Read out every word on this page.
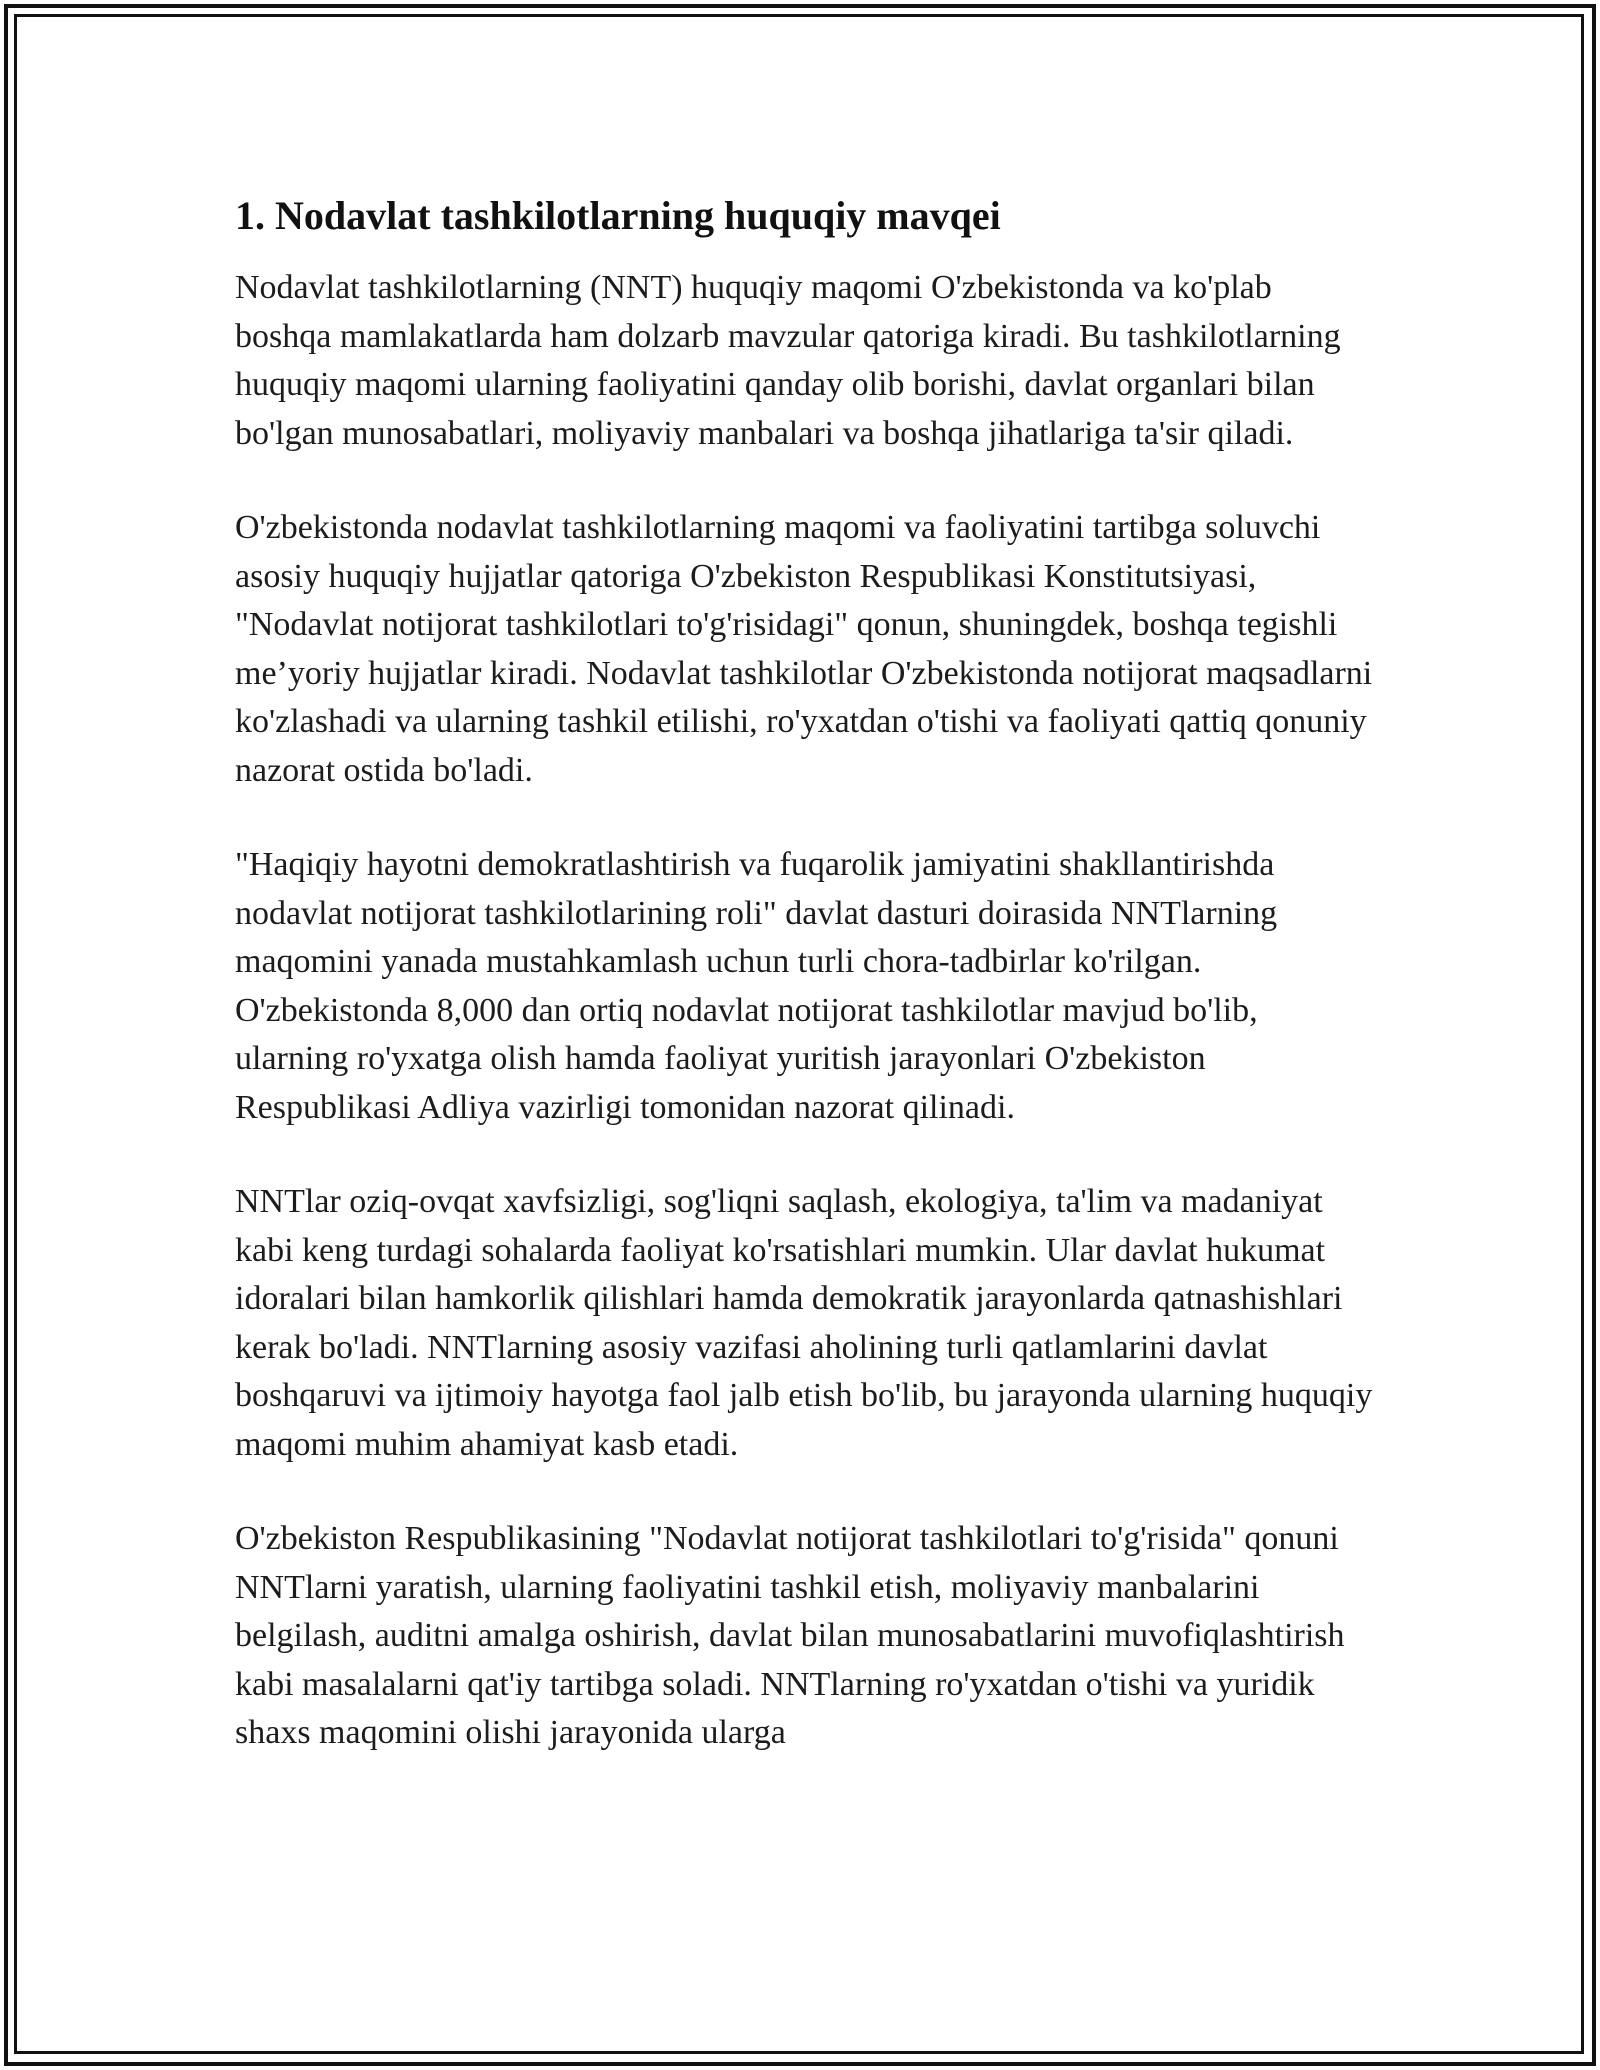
1. Nodavlat tashkilotlarning huquqiy mavqei

Nodavlat tashkilotlarning (NNT) huquqiy maqomi O'zbekistonda va ko'plab boshqa mamlakatlarda ham dolzarb mavzular qatoriga kiradi. Bu tashkilotlarning huquqiy maqomi ularning faoliyatini qanday olib borishi, davlat organlari bilan bo'lgan munosabatlari, moliyaviy manbalari va boshqa jihatlariga ta'sir qiladi.

O'zbekistonda nodavlat tashkilotlarning maqomi va faoliyatini tartibga soluvchi asosiy huquqiy hujjatlar qatoriga O'zbekiston Respublikasi Konstitutsiyasi, "Nodavlat notijorat tashkilotlari to'g'risidagi" qonun, shuningdek, boshqa tegishli me’yoriy hujjatlar kiradi. Nodavlat tashkilotlar O'zbekistonda notijorat maqsadlarni ko'zlashadi va ularning tashkil etilishi, ro'yxatdan o'tishi va faoliyati qattiq qonuniy nazorat ostida bo'ladi.

"Haqiqiy hayotni demokratlashtirish va fuqarolik jamiyatini shakllantirishda nodavlat notijorat tashkilotlarining roli" davlat dasturi doirasida NNTlarning maqomini yanada mustahkamlash uchun turli chora-tadbirlar ko'rilgan. O'zbekistonda 8,000 dan ortiq nodavlat notijorat tashkilotlar mavjud bo'lib, ularning ro'yxatga olish hamda faoliyat yuritish jarayonlari O'zbekiston Respublikasi Adliya vazirligi tomonidan nazorat qilinadi.

NNTlar oziq-ovqat xavfsizligi, sog'liqni saqlash, ekologiya, ta'lim va madaniyat kabi keng turdagi sohalarda faoliyat ko'rsatishlari mumkin. Ular davlat hukumat idoralari bilan hamkorlik qilishlari hamda demokratik jarayonlarda qatnashishlari kerak bo'ladi. NNTlarning asosiy vazifasi aholining turli qatlamlarini davlat boshqaruvi va ijtimoiy hayotga faol jalb etish bo'lib, bu jarayonda ularning huquqiy maqomi muhim ahamiyat kasb etadi.

O'zbekiston Respublikasining "Nodavlat notijorat tashkilotlari to'g'risida" qonuni NNTlarni yaratish, ularning faoliyatini tashkil etish, moliyaviy manbalarini belgilash, auditni amalga oshirish, davlat bilan munosabatlarini muvofiqlashtirish kabi masalalarni qat'iy tartibga soladi. NNTlarning ro'yxatdan o'tishi va yuridik shaxs maqomini olishi jarayonida ularga
